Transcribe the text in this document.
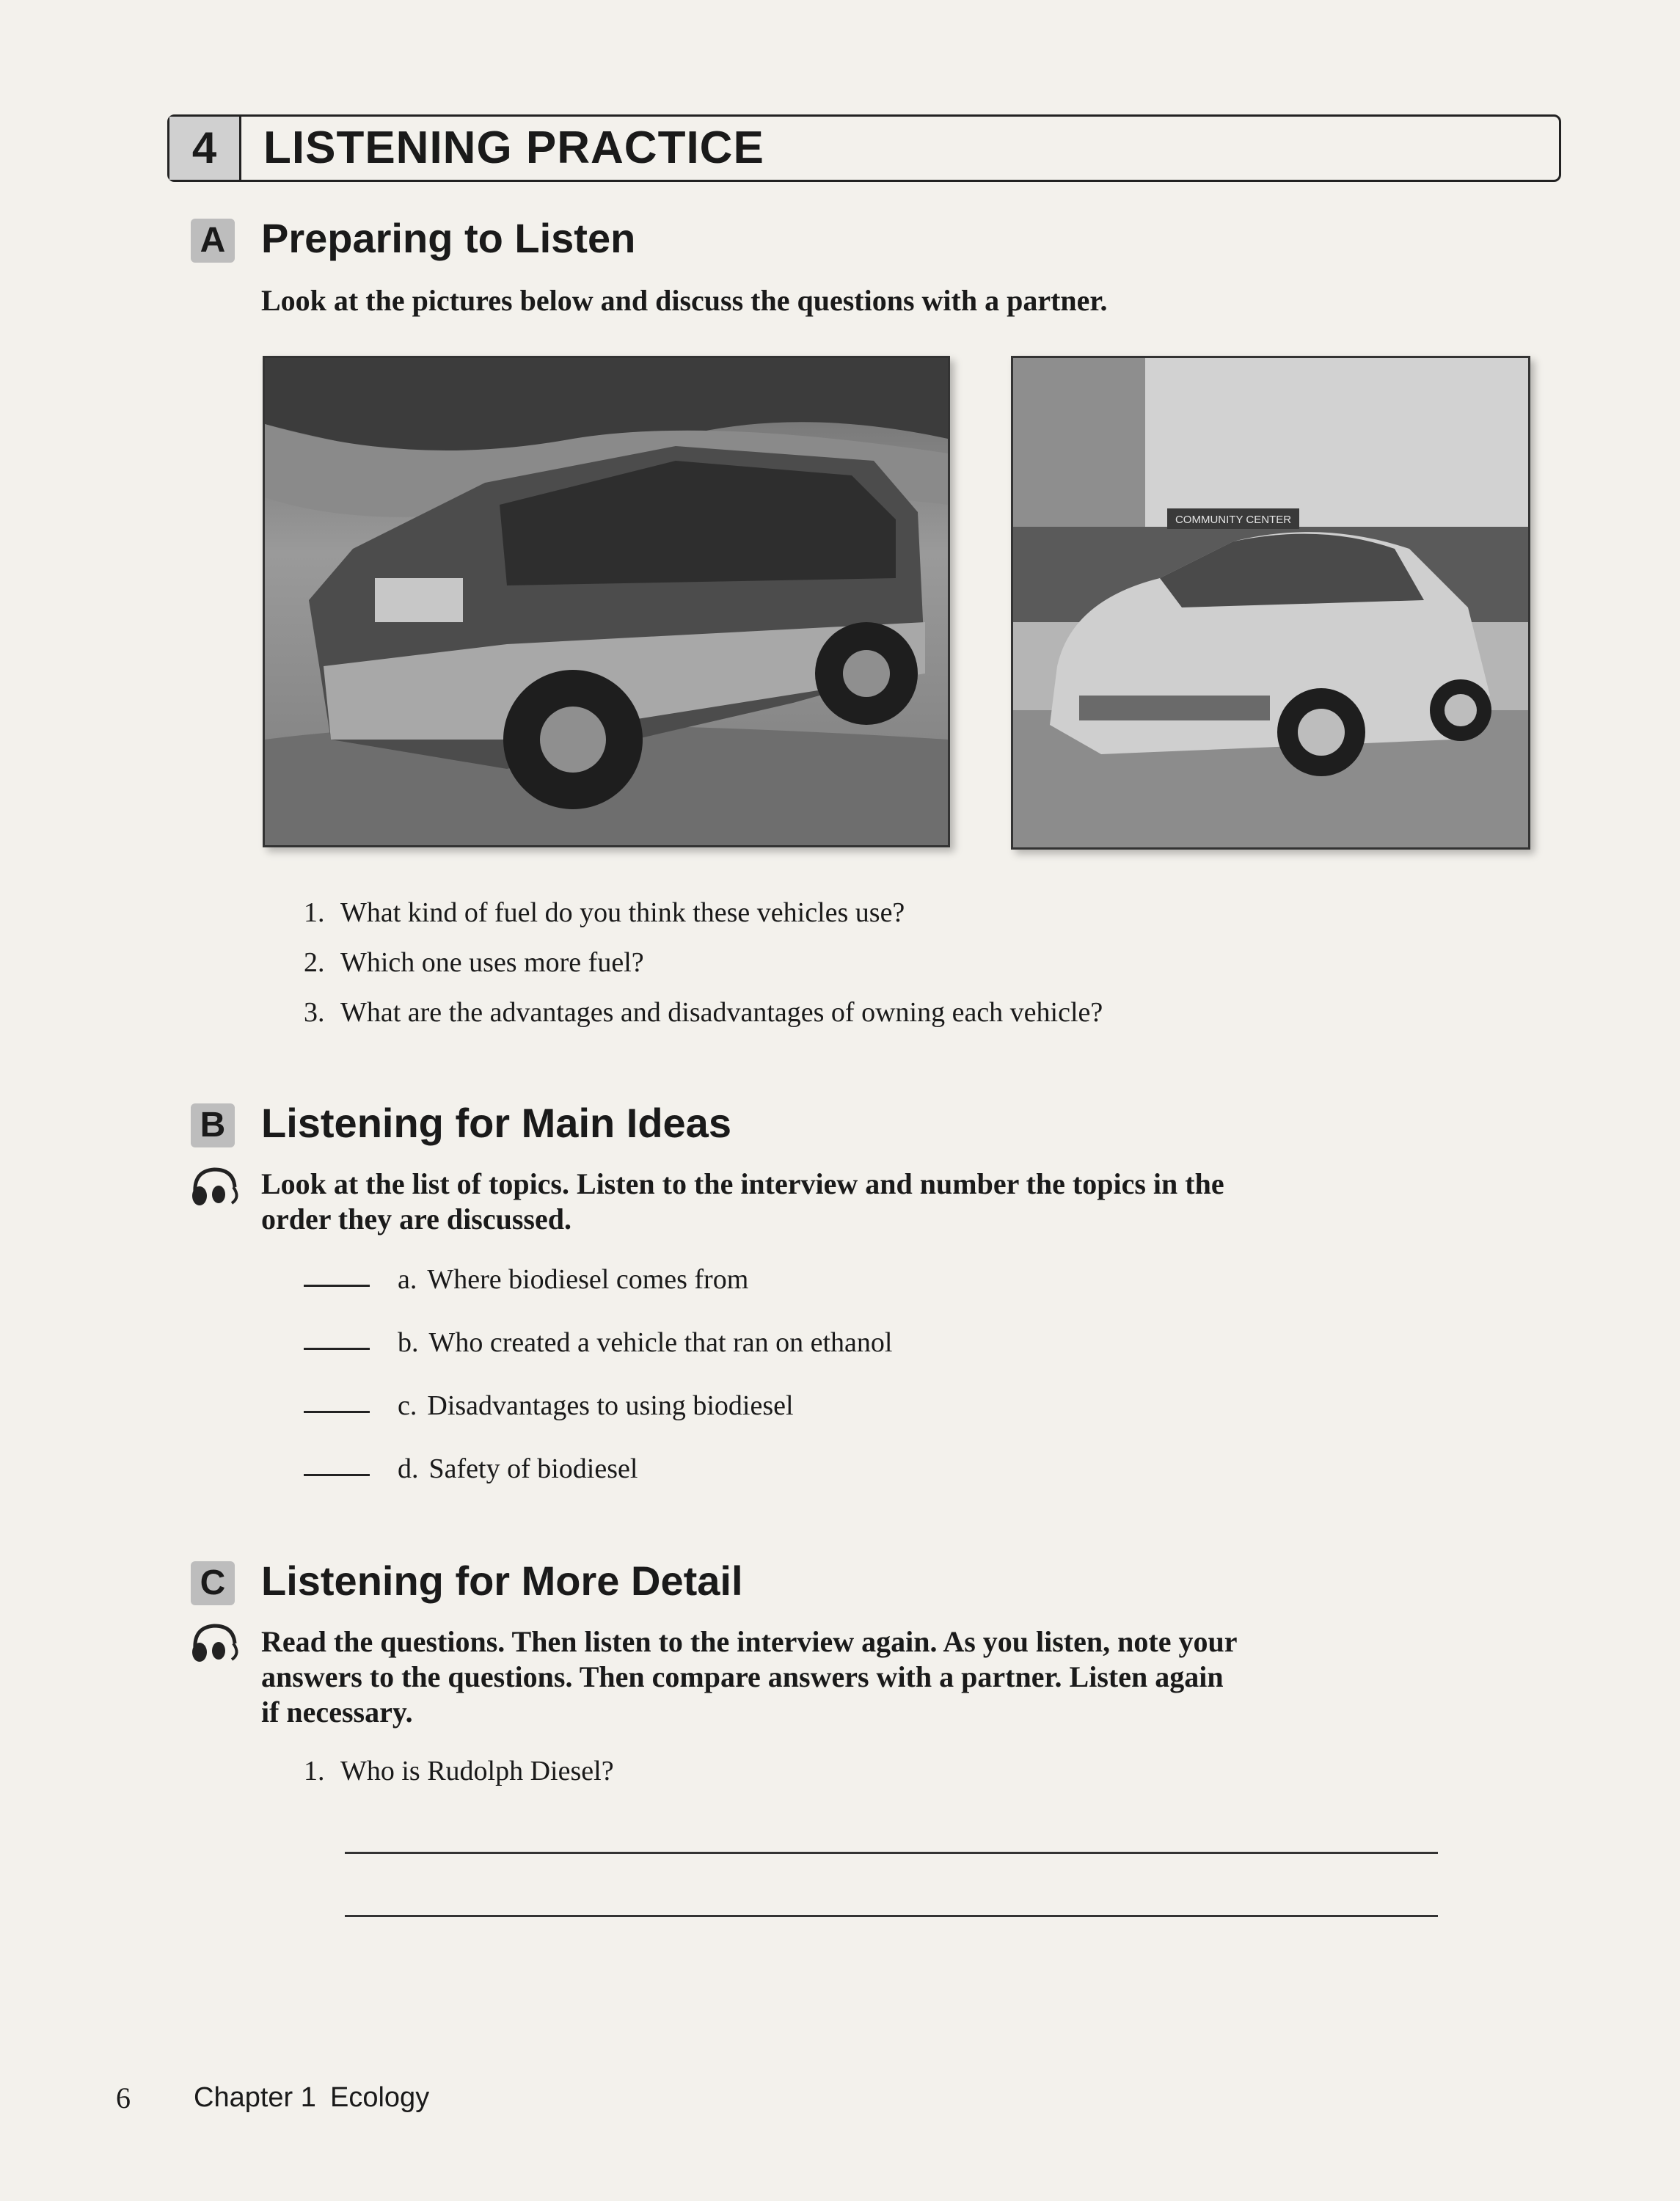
4	LISTENING PRACTICE
A Preparing to Listen
Look at the pictures below and discuss the questions with a partner.
COMMUNITY CENTER
1. What kind of fuel do you think these vehicles use?
2. Which one uses more fuel?
3. What are the advantages and disadvantages of owning each vehicle?
B Listening for Main Ideas
Look at the list of topics. Listen to the interview and number the topics in the
order they are discussed.
a. Where biodiesel comes from
b. Who created a vehicle that ran on ethanol
c. Disadvantages to using biodiesel
d. Safety of biodiesel
C Listening for More Detail
Read the questions. Then listen to the interview again. As you listen, note your
answers to the questions. Then compare answers with a partner. Listen again
if necessary.
1. Who is Rudolph Diesel?
6 Chapter 1 Ecology
